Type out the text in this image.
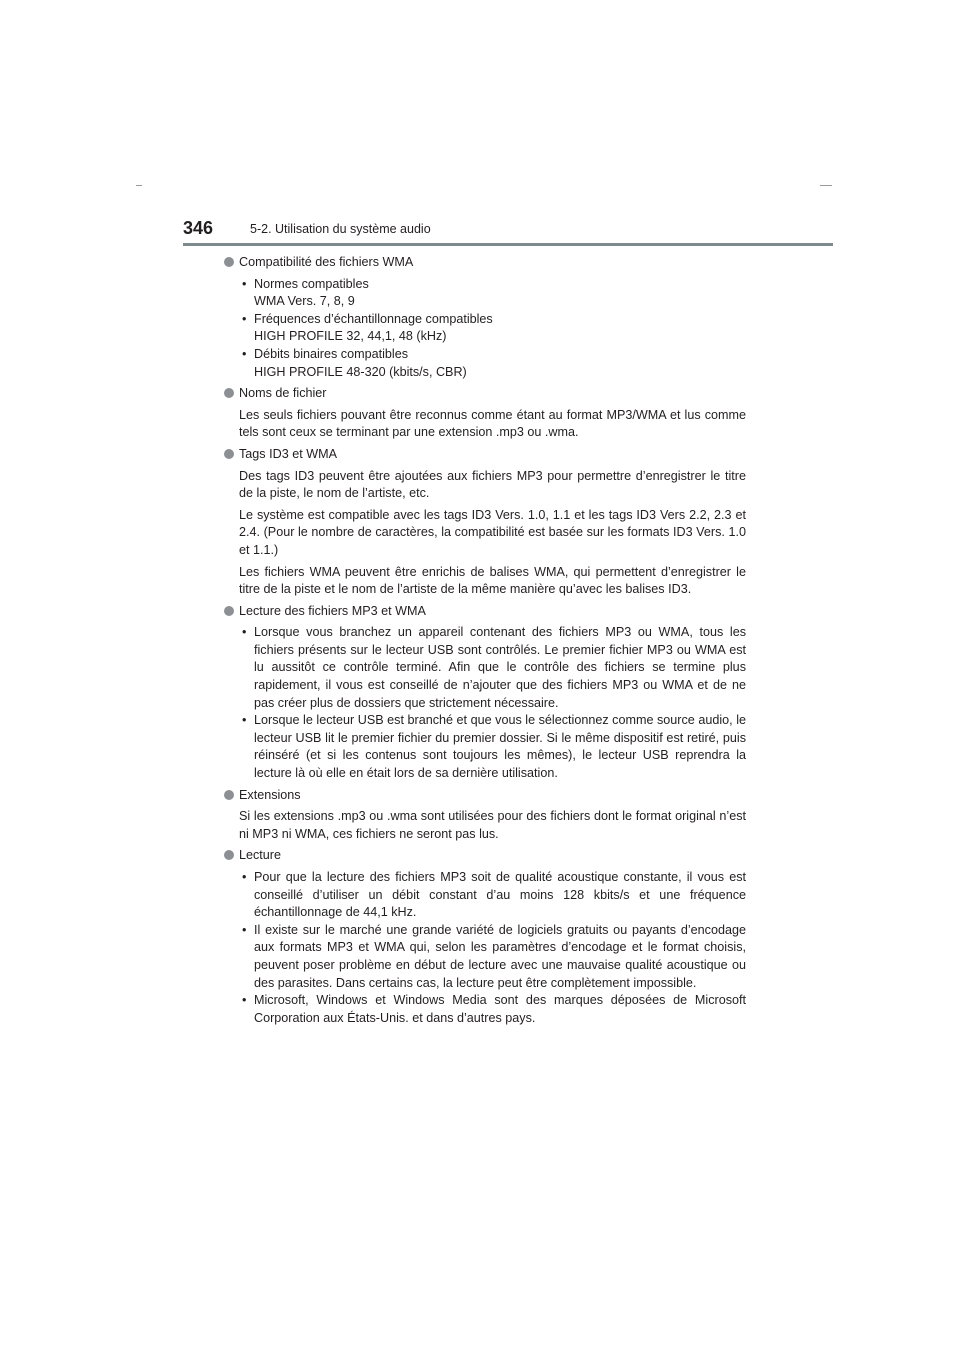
346	5-2. Utilisation du système audio
Compatibilité des fichiers WMA
• Normes compatibles
WMA Vers. 7, 8, 9
• Fréquences d’échantillonnage compatibles
HIGH PROFILE 32, 44,1, 48 (kHz)
• Débits binaires compatibles
HIGH PROFILE 48-320 (kbits/s, CBR)
Noms de fichier

Les seuls fichiers pouvant être reconnus comme étant au format MP3/WMA et lus comme tels sont ceux se terminant par une extension .mp3 ou .wma.

Tags ID3 et WMA

Des tags ID3 peuvent être ajoutées aux fichiers MP3 pour permettre d’enregistrer le titre de la piste, le nom de l’artiste, etc.

Le système est compatible avec les tags ID3 Vers. 1.0, 1.1 et les tags ID3 Vers 2.2, 2.3 et 2.4. (Pour le nombre de caractères, la compatibilité est basée sur les formats ID3 Vers. 1.0 et 1.1.)

Les fichiers WMA peuvent être enrichis de balises WMA, qui permettent d’enregistrer le titre de la piste et le nom de l’artiste de la même manière qu’avec les balises ID3.

Lecture des fichiers MP3 et WMA
• Lorsque vous branchez un appareil contenant des fichiers MP3 ou WMA, tous les fichiers présents sur le lecteur USB sont contrôlés. Le premier fichier MP3 ou WMA est lu aussitôt ce contrôle terminé. Afin que le contrôle des fichiers se termine plus rapidement, il vous est conseillé de n’ajouter que des fichiers MP3 ou WMA et de ne pas créer plus de dossiers que strictement nécessaire.
• Lorsque le lecteur USB est branché et que vous le sélectionnez comme source audio, le lecteur USB lit le premier fichier du premier dossier. Si le même dispositif est retiré, puis réinséré (et si les contenus sont toujours les mêmes), le lecteur USB reprendra la lecture là où elle en était lors de sa dernière utilisation.
Extensions

Si les extensions .mp3 ou .wma sont utilisées pour des fichiers dont le format original n’est ni MP3 ni WMA, ces fichiers ne seront pas lus.

Lecture
• Pour que la lecture des fichiers MP3 soit de qualité acoustique constante, il vous est conseillé d’utiliser un débit constant d’au moins 128 kbits/s et une fréquence échantillonnage de 44,1 kHz.
• Il existe sur le marché une grande variété de logiciels gratuits ou payants d’encodage aux formats MP3 et WMA qui, selon les paramètres d’encodage et le format choisis, peuvent poser problème en début de lecture avec une mauvaise qualité acoustique ou des parasites. Dans certains cas, la lecture peut être complètement impossible.
• Microsoft, Windows et Windows Media sont des marques déposées de Microsoft Corporation aux États-Unis. et dans d’autres pays.
